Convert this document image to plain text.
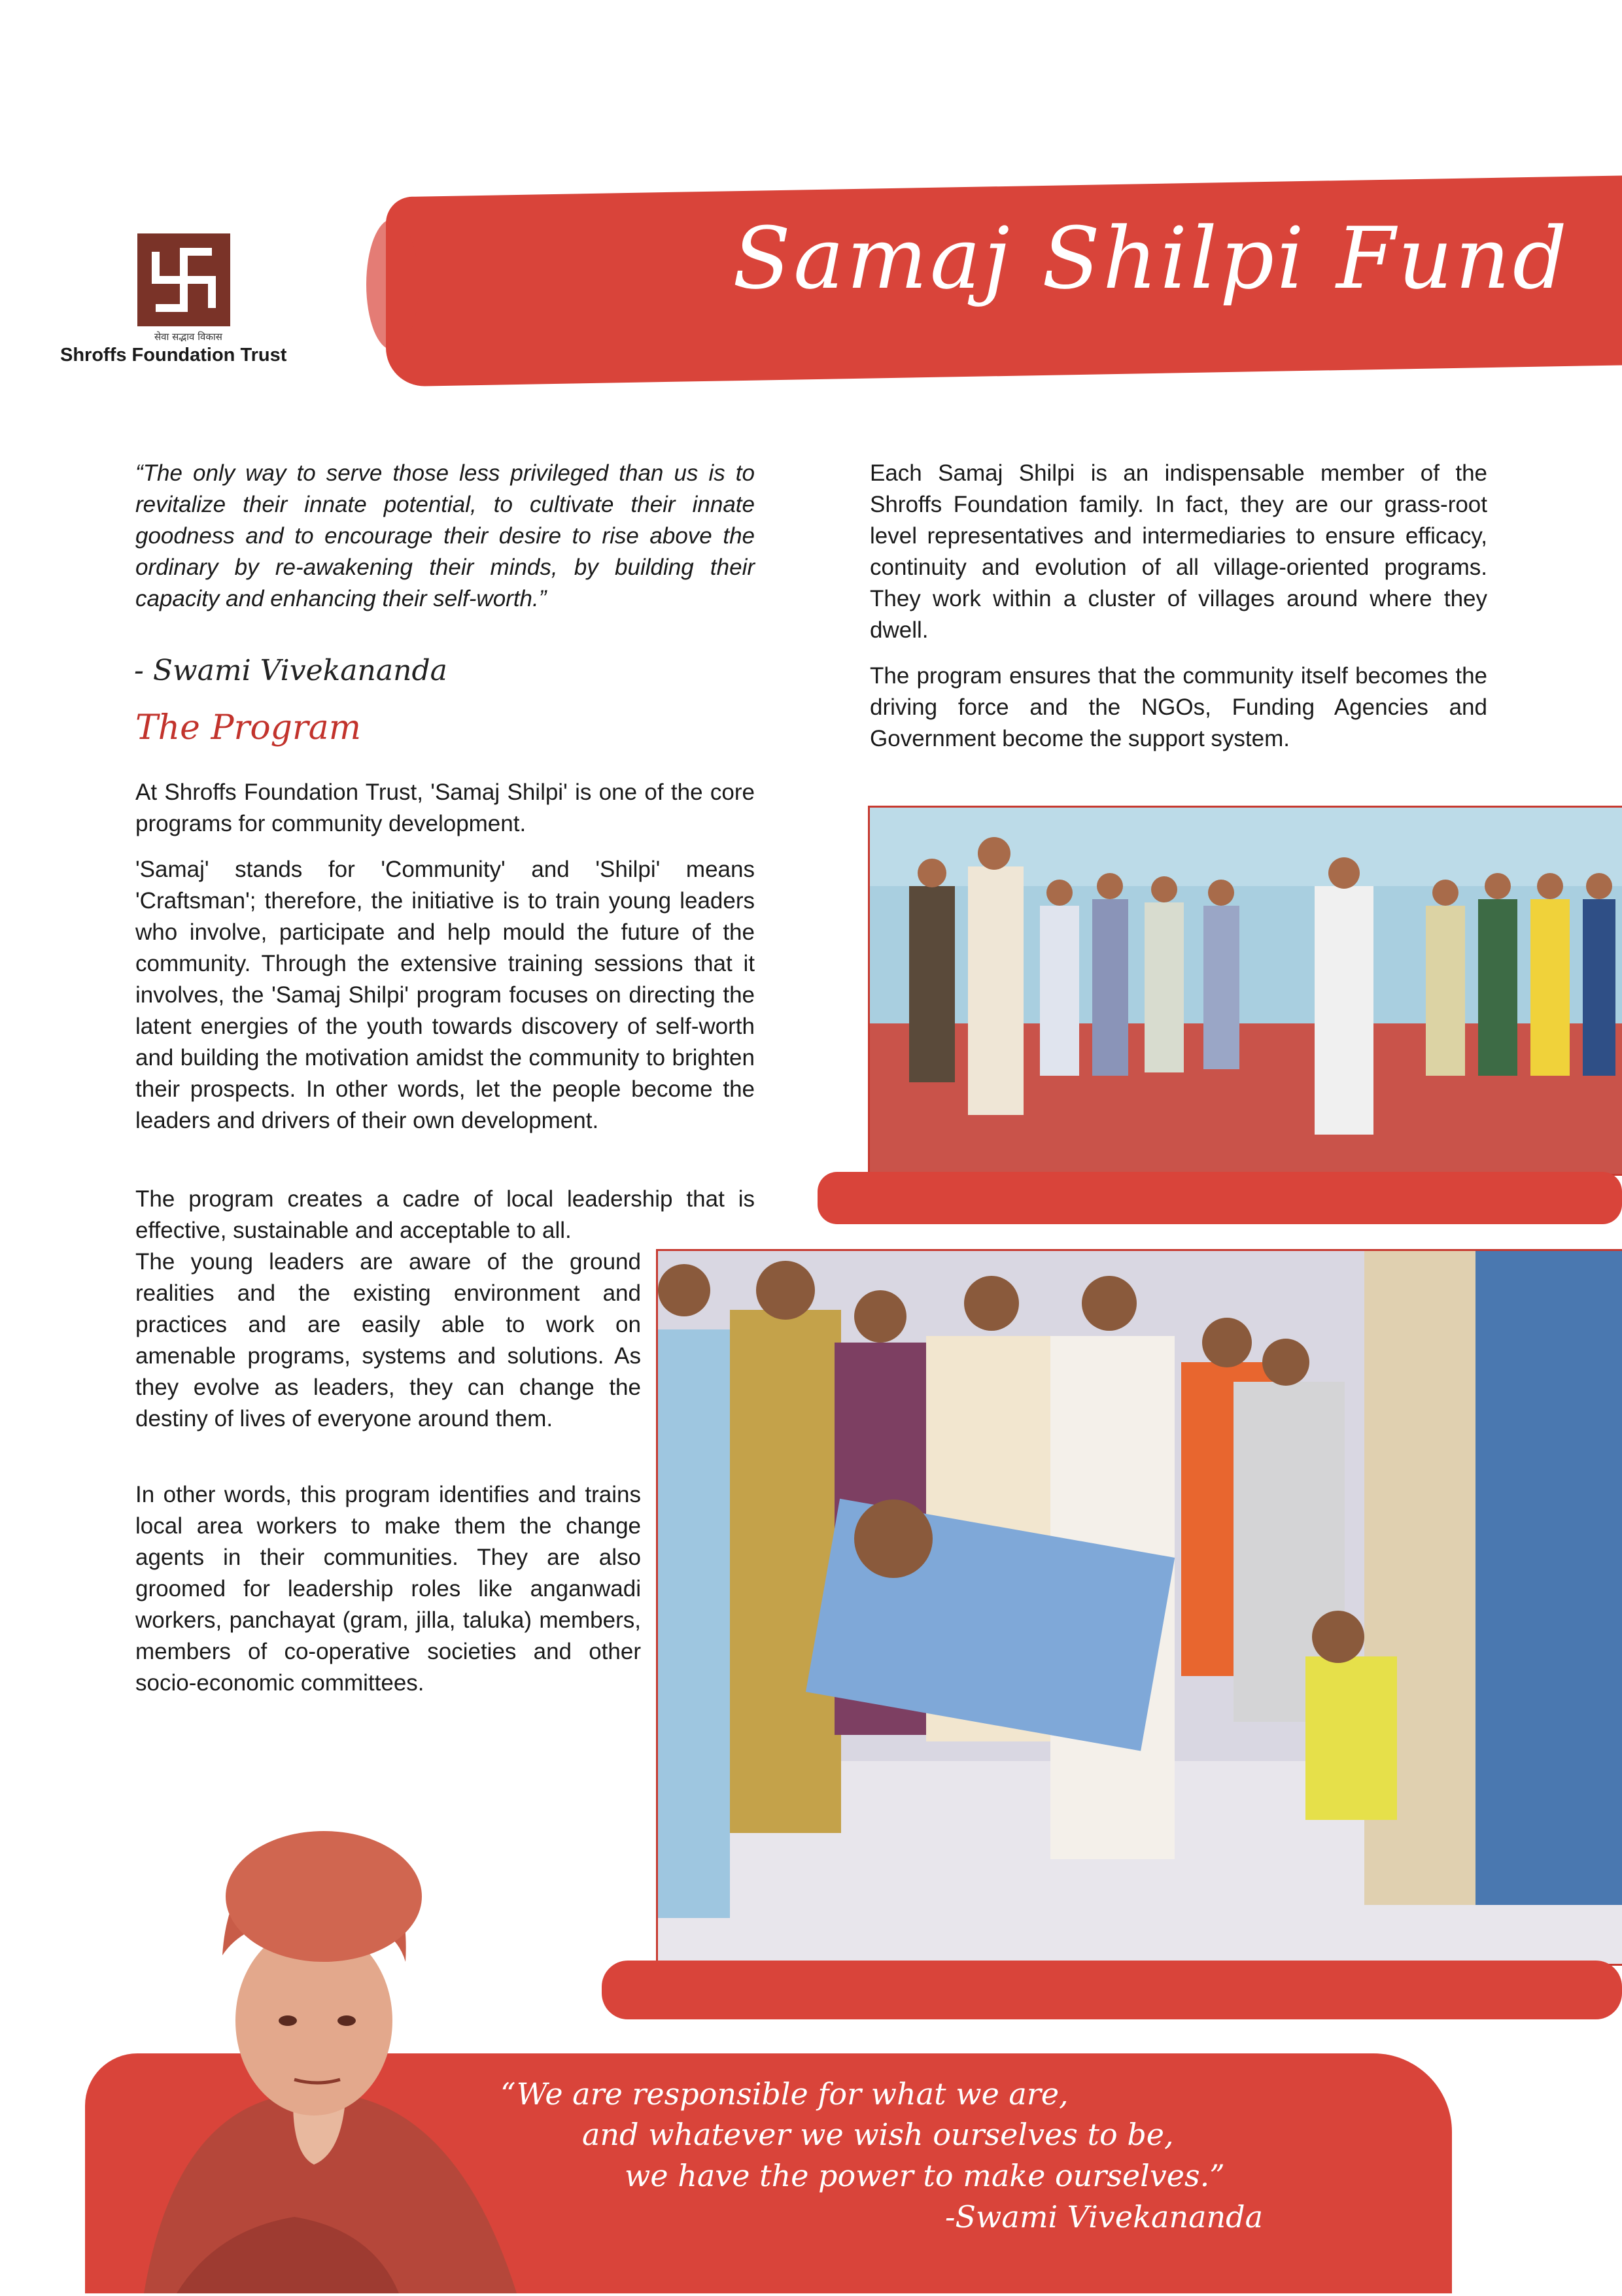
Samaj Shilpi Fund
सेवा सद्भाव विकास
Shroffs Foundation Trust
“The only way to serve those less privileged than us is to revitalize their innate potential, to cultivate their innate goodness and to encourage their desire to rise above the ordinary by re-awakening their minds, by building their capacity and enhancing their self-worth.”
- Swami Vivekananda
The Program

At Shroffs Foundation Trust, 'Samaj Shilpi' is one of the core programs for community development.

'Samaj' stands for 'Community' and 'Shilpi' means 'Craftsman'; therefore, the initiative is to train young leaders who involve, participate and help mould the future of the community. Through the extensive training sessions that it involves, the 'Samaj Shilpi' program focuses on directing the latent energies of the youth towards discovery of self-worth and building the motivation amidst the community to brighten their prospects. In other words, let the people become the leaders and drivers of their own development.

The program creates a cadre of local leadership that is effective, sustainable and acceptable to all.
The young leaders are aware of the ground realities and the existing environment and practices and are easily able to work on amenable programs, systems and solutions. As they evolve as leaders, they can change the destiny of lives of everyone around them.
In other words, this program identifies and trains local area workers to make them the change agents in their communities. They are also groomed for leadership roles like anganwadi workers, panchayat (gram, jilla, taluka) members, members of co-operative societies and other socio-economic committees.

Each Samaj Shilpi is an indispensable member of the Shroffs Foundation family. In fact, they are our grass-root level representatives and intermediaries to ensure efficacy, continuity and evolution of all village-oriented programs. They work within a cluster of villages around where they dwell.

The program ensures that the community itself becomes the driving force and the NGOs, Funding Agencies and Government become the support system.

“We are responsible for what we are,
and whatever we wish ourselves to be,
we have the power to make ourselves.”
-Swami Vivekananda
